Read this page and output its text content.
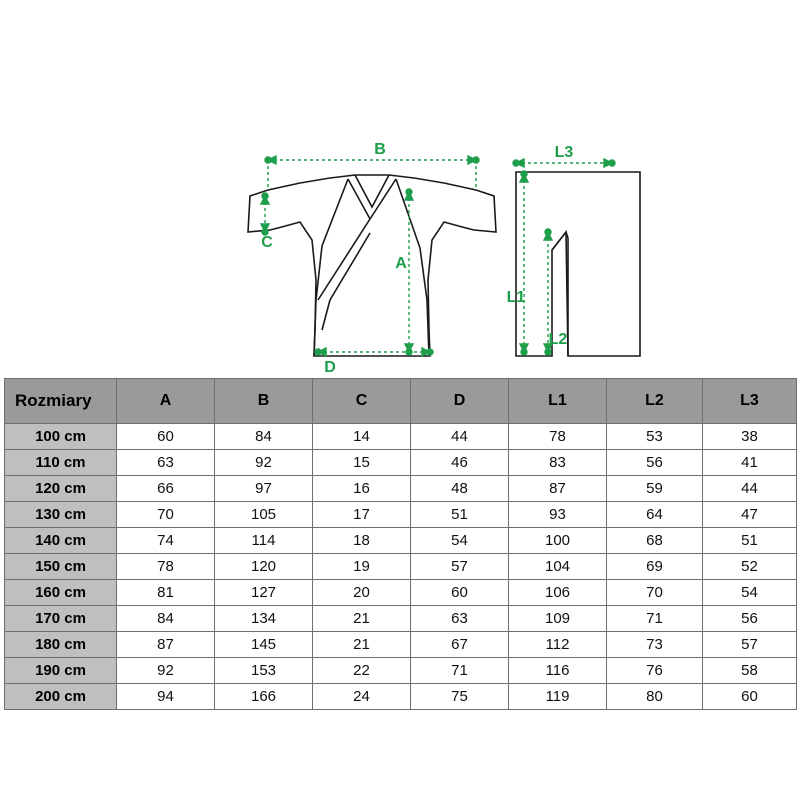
B
C
A
D
L3
L1
L2
Rozmiary	A	B	C	D	L1	L2	L3
100 cm	60	84	14	44	78	53	38
110 cm	63	92	15	46	83	56	41
120 cm	66	97	16	48	87	59	44
130 cm	70	105	17	51	93	64	47
140 cm	74	114	18	54	100	68	51
150 cm	78	120	19	57	104	69	52
160 cm	81	127	20	60	106	70	54
170 cm	84	134	21	63	109	71	56
180 cm	87	145	21	67	112	73	57
190 cm	92	153	22	71	116	76	58
200 cm	94	166	24	75	119	80	60
